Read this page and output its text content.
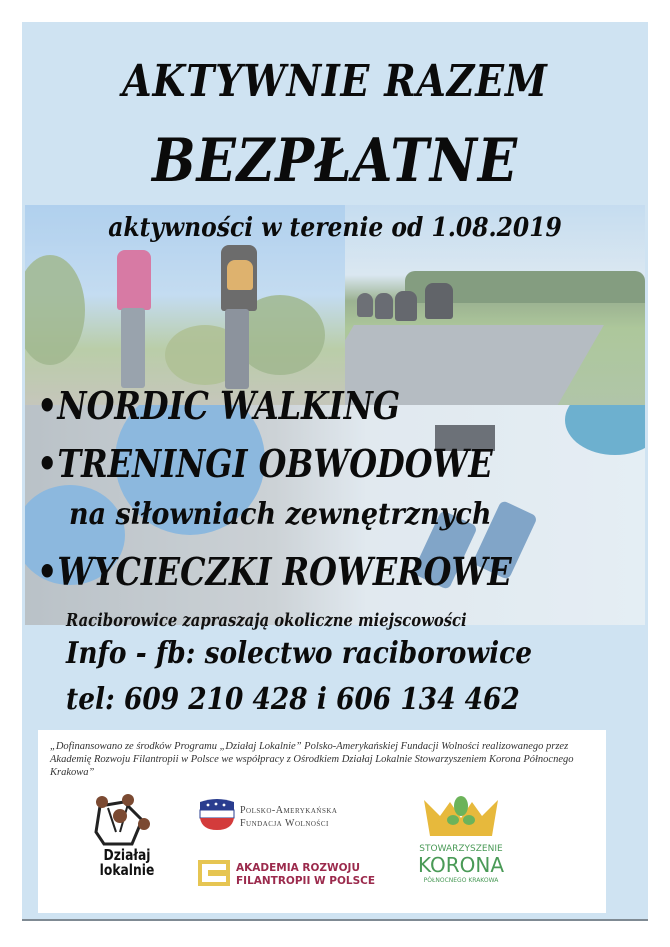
AKTYWNIE RAZEM
BEZPŁATNE
aktywności w terenie od 1.08.2019
•NORDIC WALKING
•TRENINGI OBWODOWE
na siłowniach zewnętrznych
•WYCIECZKI ROWEROWE
Raciborowice zapraszają okoliczne miejscowości
Info - fb: solectwo raciborowice
tel: 609 210 428 i 606 134 462
„Dofinansowano ze środków Programu „Działaj Lokalnie” Polsko-Amerykańskiej Fundacji Wolności realizowanego przez Akademię Rozwoju Filantropii w Polsce we współpracy z Ośrodkiem Działaj Lokalnie Stowarzyszeniem Korona Północnego Krakowa”
Działaj
lokalnie
Polsko-Amerykańska
Fundacja Wolności
AKADEMIA ROZWOJU
FILANTROPII W POLSCE
STOWARZYSZENIE
KORONA
PÓŁNOCNEGO KRAKOWA
